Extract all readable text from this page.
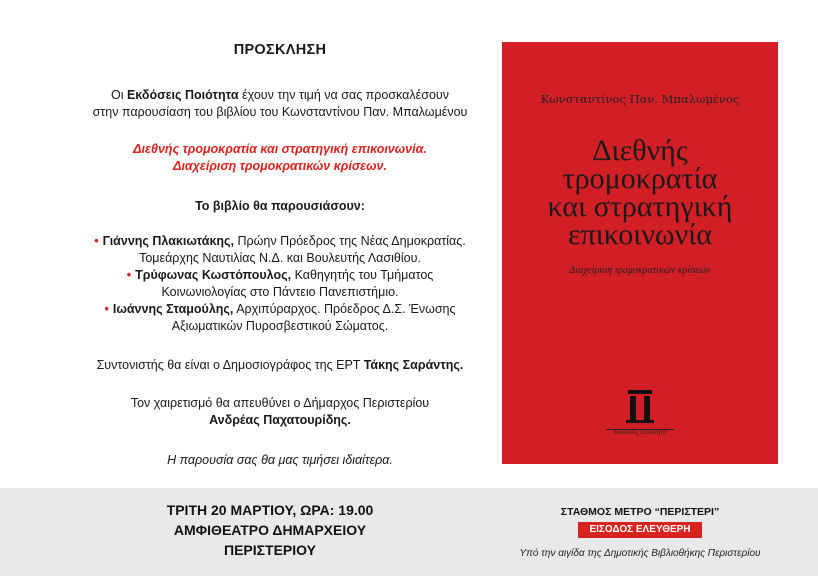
ΠΡΟΣΚΛΗΣΗ
Οι Εκδόσεις Ποιότητα έχουν την τιμή να σας προσκαλέσουν
στην παρουσίαση του βιβλίου του Κωνσταντίνου Παν. Μπαλωμένου
Διεθνής τρομοκρατία και στρατηγική επικοινωνία.
Διαχείριση τρομοκρατικών κρίσεων.
Το βιβλίο θα παρουσιάσουν:
• Γιάννης Πλακιωτάκης, Πρώην Πρόεδρος της Νέας Δημοκρατίας.
Τομεάρχης Ναυτιλίας Ν.Δ. και Βουλευτής Λασιθίου.
• Τρύφωνας Κωστόπουλος, Καθηγητής του Τμήματος
Κοινωνιολογίας στο Πάντειο Πανεπιστήμιο.
• Ιωάννης Σταμούλης, Αρχιπύραρχος. Πρόεδρος Δ.Σ. Ένωσης
Αξιωματικών Πυροσβεστικού Σώματος.
Συντονιστής θα είναι ο Δημοσιογράφος της ΕΡΤ Τάκης Σαράντης.
Τον χαιρετισμό θα απευθύνει ο Δήμαρχος Περιστερίου
Ανδρέας Παχατουρίδης.
Η παρουσία σας θα μας τιμήσει ιδιαίτερα.
Κωνσταντίνος Παν. Μπαλωμένος
Διεθνής
τρομοκρατία
και στρατηγική
επικοινωνία
Διαχείριση τρομοκρατικών κρίσεων
Εκδόσεις Ποιότητα
ΤΡΙΤΗ 20 ΜΑΡΤΙΟΥ, ΩΡΑ: 19.00
ΑΜΦΙΘΕΑΤΡΟ ΔΗΜΑΡΧΕΙΟΥ
ΠΕΡΙΣΤΕΡΙΟΥ
ΣΤΑΘΜΟΣ ΜΕΤΡΟ “ΠΕΡΙΣΤΕΡΙ”
ΕΙΣΟΔΟΣ ΕΛΕΥΘΕΡΗ
Υπό την αιγίδα της Δημοτικής Βιβλιοθήκης Περιστερίου
